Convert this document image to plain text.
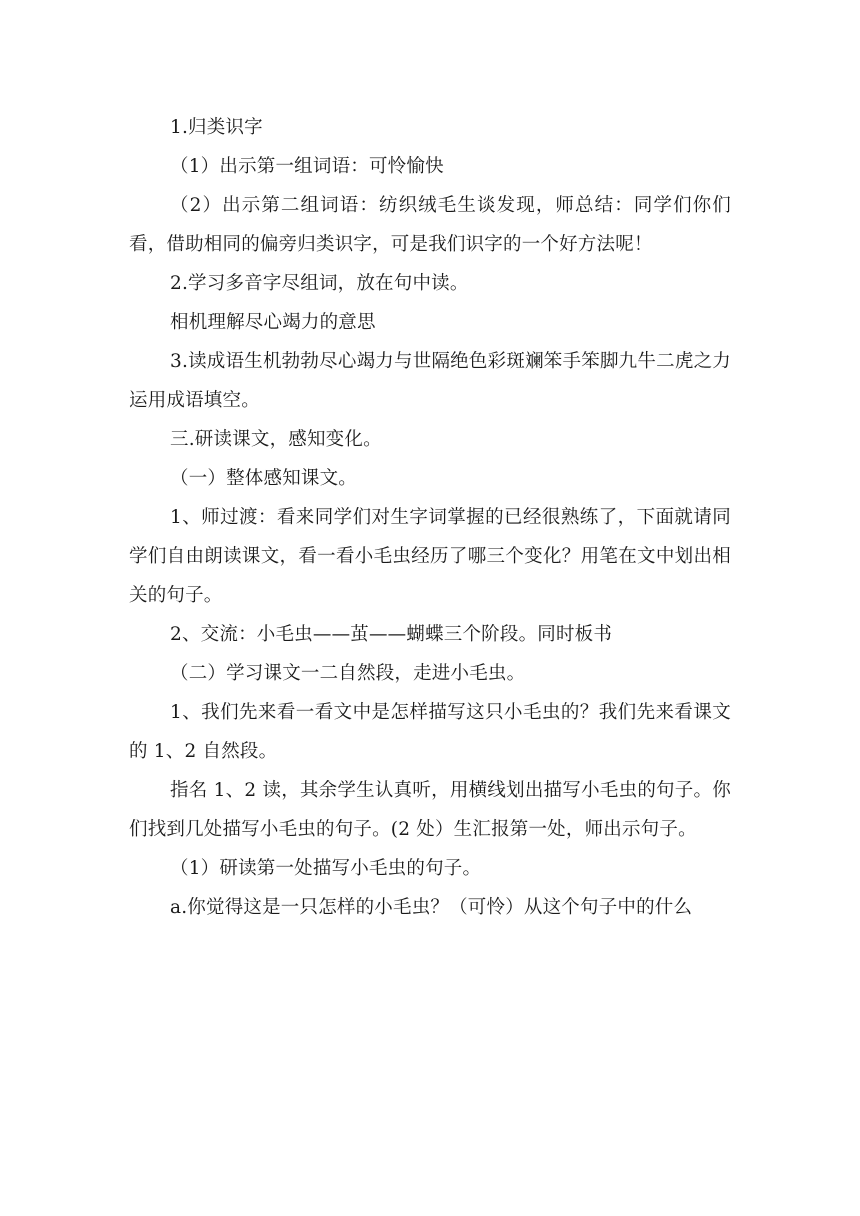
1.归类识字

（1）出示第一组词语：可怜愉快

（2）出示第二组词语：纺织绒毛生谈发现，师总结：同学们你们看，借助相同的偏旁归类识字，可是我们识字的一个好方法呢！

2.学习多音字尽组词，放在句中读。

相机理解尽心竭力的意思

3.读成语生机勃勃尽心竭力与世隔绝色彩斑斓笨手笨脚九牛二虎之力运用成语填空。

三.研读课文，感知变化。

（一）整体感知课文。

1、师过渡：看来同学们对生字词掌握的已经很熟练了，下面就请同学们自由朗读课文，看一看小毛虫经历了哪三个变化？用笔在文中划出相关的句子。

2、交流：小毛虫——茧——蝴蝶三个阶段。同时板书

（二）学习课文一二自然段，走进小毛虫。

1、我们先来看一看文中是怎样描写这只小毛虫的？我们先来看课文的 1、2 自然段。

指名 1、2 读，其余学生认真听，用横线划出描写小毛虫的句子。你们找到几处描写小毛虫的句子。(2 处）生汇报第一处，师出示句子。

（1）研读第一处描写小毛虫的句子。

a.你觉得这是一只怎样的小毛虫？（可怜）从这个句子中的什么
